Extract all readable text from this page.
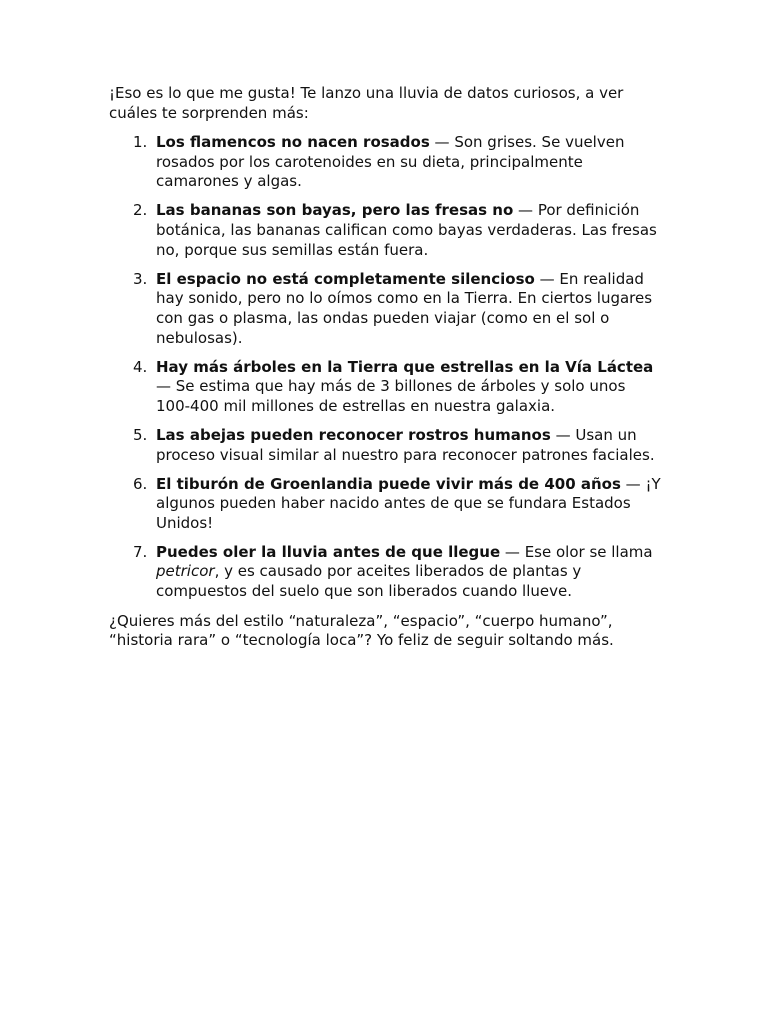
¡Eso es lo que me gusta! Te lanzo una lluvia de datos curiosos, a ver cuáles te sorprenden más:

1. Los flamencos no nacen rosados — Son grises. Se vuelven rosados por los carotenoides en su dieta, principalmente camarones y algas.
2. Las bananas son bayas, pero las fresas no — Por definición botánica, las bananas califican como bayas verdaderas. Las fresas no, porque sus semillas están fuera.
3. El espacio no está completamente silencioso — En realidad hay sonido, pero no lo oímos como en la Tierra. En ciertos lugares con gas o plasma, las ondas pueden viajar (como en el sol o nebulosas).
4. Hay más árboles en la Tierra que estrellas en la Vía Láctea — Se estima que hay más de 3 billones de árboles y solo unos 100-400 mil millones de estrellas en nuestra galaxia.
5. Las abejas pueden reconocer rostros humanos — Usan un proceso visual similar al nuestro para reconocer patrones faciales.
6. El tiburón de Groenlandia puede vivir más de 400 años — ¡Y algunos pueden haber nacido antes de que se fundara Estados Unidos!
7. Puedes oler la lluvia antes de que llegue — Ese olor se llama petricor, y es causado por aceites liberados de plantas y compuestos del suelo que son liberados cuando llueve.

¿Quieres más del estilo “naturaleza”, “espacio”, “cuerpo humano”, “historia rara” o “tecnología loca”? Yo feliz de seguir soltando más.
